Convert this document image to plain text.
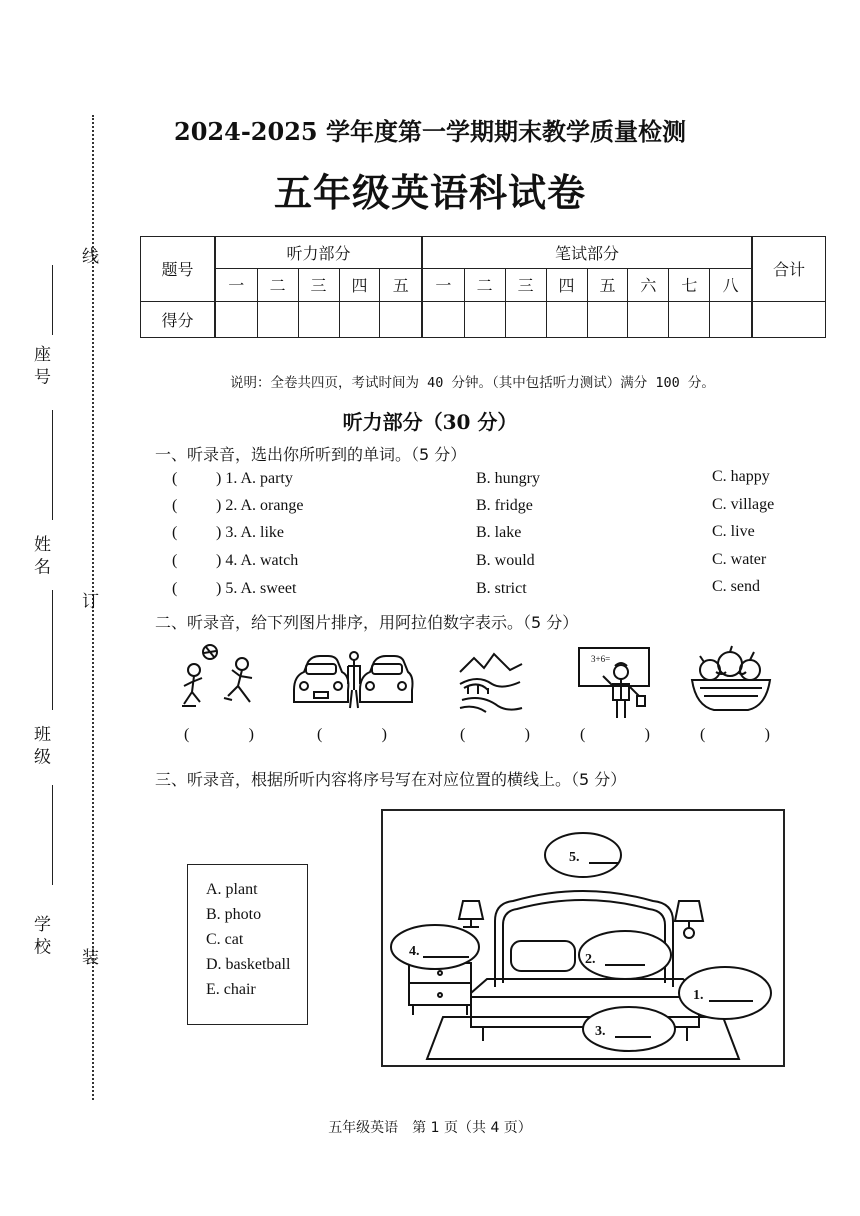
学 校
班 级
姓 名
座 号
装
订
线
2024-2025 学年度第一学期期末教学质量检测
五年级英语科试卷
题号	听力部分					笔试部分								合计
	一	二	三	四	五	一	二	三	四	五	六	七	八	
得分														
说明：全卷共四页，考试时间为 40 分钟。（其中包括听力测试）满分 100 分。
听力部分（30 分）
一、听录音，选出你所听到的单词。（5 分）
( ) 1. A. party	B. hungry	C. happy
( ) 2. A. orange	B. fridge	C. village
( ) 3. A. like	B. lake	C. live
( ) 4. A. watch	B. would	C. water
( ) 5. A. sweet	B. strict	C. send
二、听录音，给下列图片排序，用阿拉伯数字表示。（5 分）
3+6=
(	)	(	)	(	)	(	)	(	)
三、听录音，根据所听内容将序号写在对应位置的横线上。（5 分）
A. plant
B. photo
C. cat
D. basketball
E. chair
5.
4.
2.
1.
3.
五年级英语　第 1 页（共 4 页）
